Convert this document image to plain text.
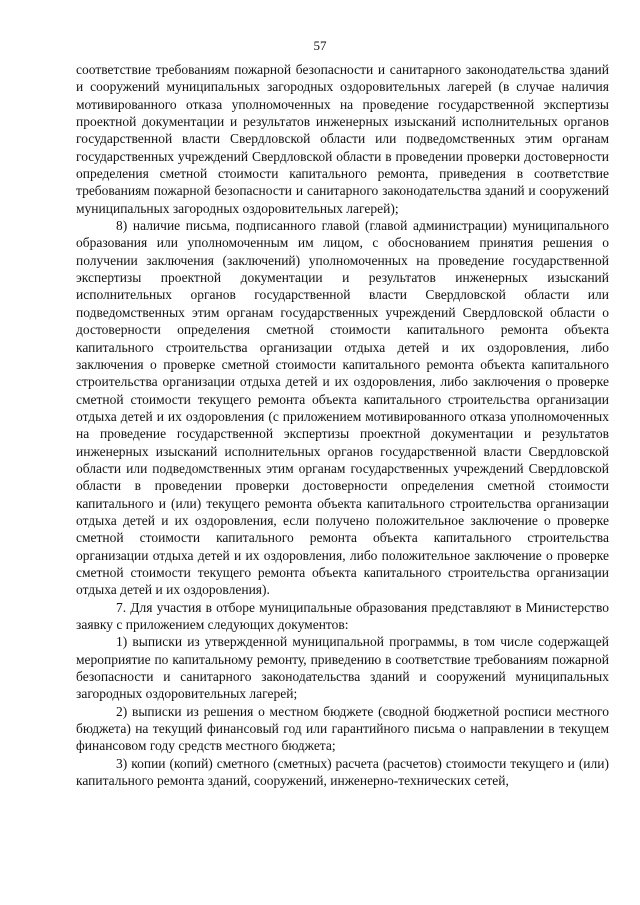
57

соответствие требованиям пожарной безопасности и санитарного законодательства зданий и сооружений муниципальных загородных оздоровительных лагерей (в случае наличия мотивированного отказа уполномоченных на проведение государственной экспертизы проектной документации и результатов инженерных изысканий исполнительных органов государственной власти Свердловской области или подведомственных этим органам государственных учреждений Свердловской области в проведении проверки достоверности определения сметной стоимости капитального ремонта, приведения в соответствие требованиям пожарной безопасности и санитарного законодательства зданий и сооружений муниципальных загородных оздоровительных лагерей);

8) наличие письма, подписанного главой (главой администрации) муниципального образования или уполномоченным им лицом, с обоснованием принятия решения о получении заключения (заключений) уполномоченных на проведение государственной экспертизы проектной документации и результатов инженерных изысканий исполнительных органов государственной власти Свердловской области или подведомственных этим органам государственных учреждений Свердловской области о достоверности определения сметной стоимости капитального ремонта объекта капитального строительства организации отдыха детей и их оздоровления, либо заключения о проверке сметной стоимости капитального ремонта объекта капитального строительства организации отдыха детей и их оздоровления, либо заключения о проверке сметной стоимости текущего ремонта объекта капитального строительства организации отдыха детей и их оздоровления (с приложением мотивированного отказа уполномоченных на проведение государственной экспертизы проектной документации и результатов инженерных изысканий исполнительных органов государственной власти Свердловской области или подведомственных этим органам государственных учреждений Свердловской области в проведении проверки достоверности определения сметной стоимости капитального и (или) текущего ремонта объекта капитального строительства организации отдыха детей и их оздоровления, если получено положительное заключение о проверке сметной стоимости капитального ремонта объекта капитального строительства организации отдыха детей и их оздоровления, либо положительное заключение о проверке сметной стоимости текущего ремонта объекта капитального строительства организации отдыха детей и их оздоровления).

7. Для участия в отборе муниципальные образования представляют в Министерство заявку с приложением следующих документов:

1) выписки из утвержденной муниципальной программы, в том числе содержащей мероприятие по капитальному ремонту, приведению в соответствие требованиям пожарной безопасности и санитарного законодательства зданий и сооружений муниципальных загородных оздоровительных лагерей;

2) выписки из решения о местном бюджете (сводной бюджетной росписи местного бюджета) на текущий финансовый год или гарантийного письма о направлении в текущем финансовом году средств местного бюджета;

3) копии (копий) сметного (сметных) расчета (расчетов) стоимости текущего и (или) капитального ремонта зданий, сооружений, инженерно-технических сетей,
